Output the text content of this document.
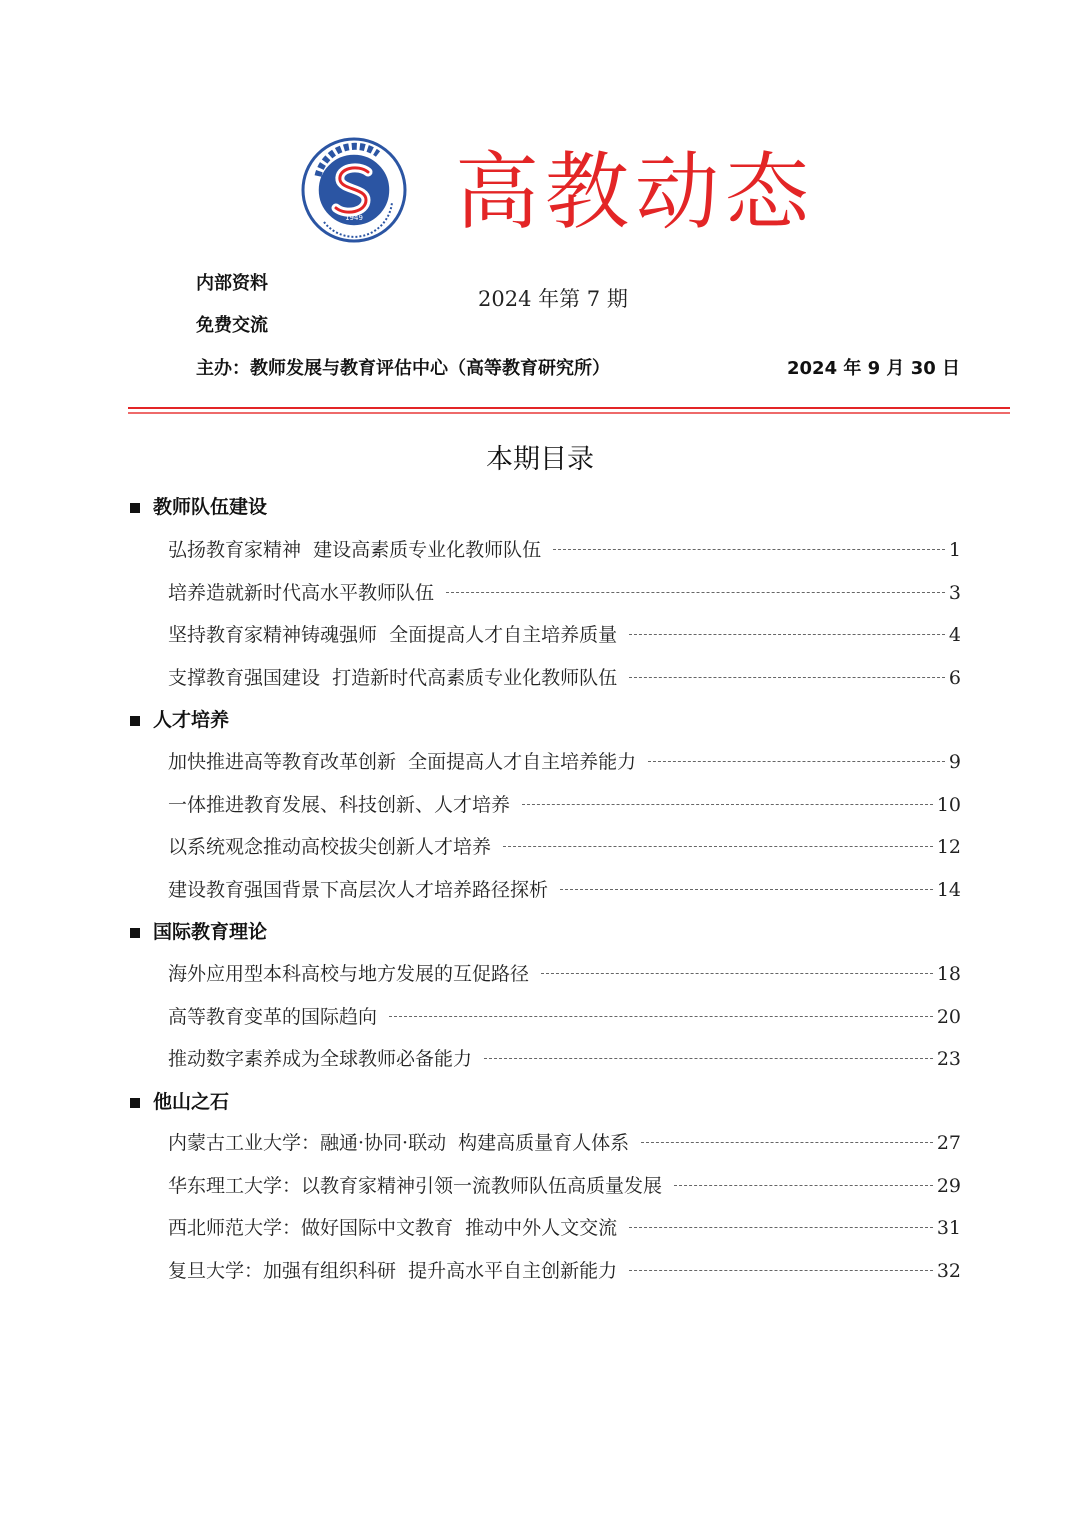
1949 高教动态
内部资料
2024 年第 7 期
免费交流
主办：教师发展与教育评估中心（高等教育研究所）	2024 年 9 月 30 日
本期目录
教师队伍建设
弘扬教育家精神  建设高素质专业化教师队伍	1
培养造就新时代高水平教师队伍	3
坚持教育家精神铸魂强师  全面提高人才自主培养质量	4
支撑教育强国建设  打造新时代高素质专业化教师队伍	6
人才培养
加快推进高等教育改革创新  全面提高人才自主培养能力	9
一体推进教育发展、科技创新、人才培养	10
以系统观念推动高校拔尖创新人才培养	12
建设教育强国背景下高层次人才培养路径探析	14
国际教育理论
海外应用型本科高校与地方发展的互促路径	18
高等教育变革的国际趋向	20
推动数字素养成为全球教师必备能力	23
他山之石
内蒙古工业大学：融通·协同·联动  构建高质量育人体系	27
华东理工大学：以教育家精神引领一流教师队伍高质量发展	29
西北师范大学：做好国际中文教育  推动中外人文交流	31
复旦大学：加强有组织科研  提升高水平自主创新能力	32
